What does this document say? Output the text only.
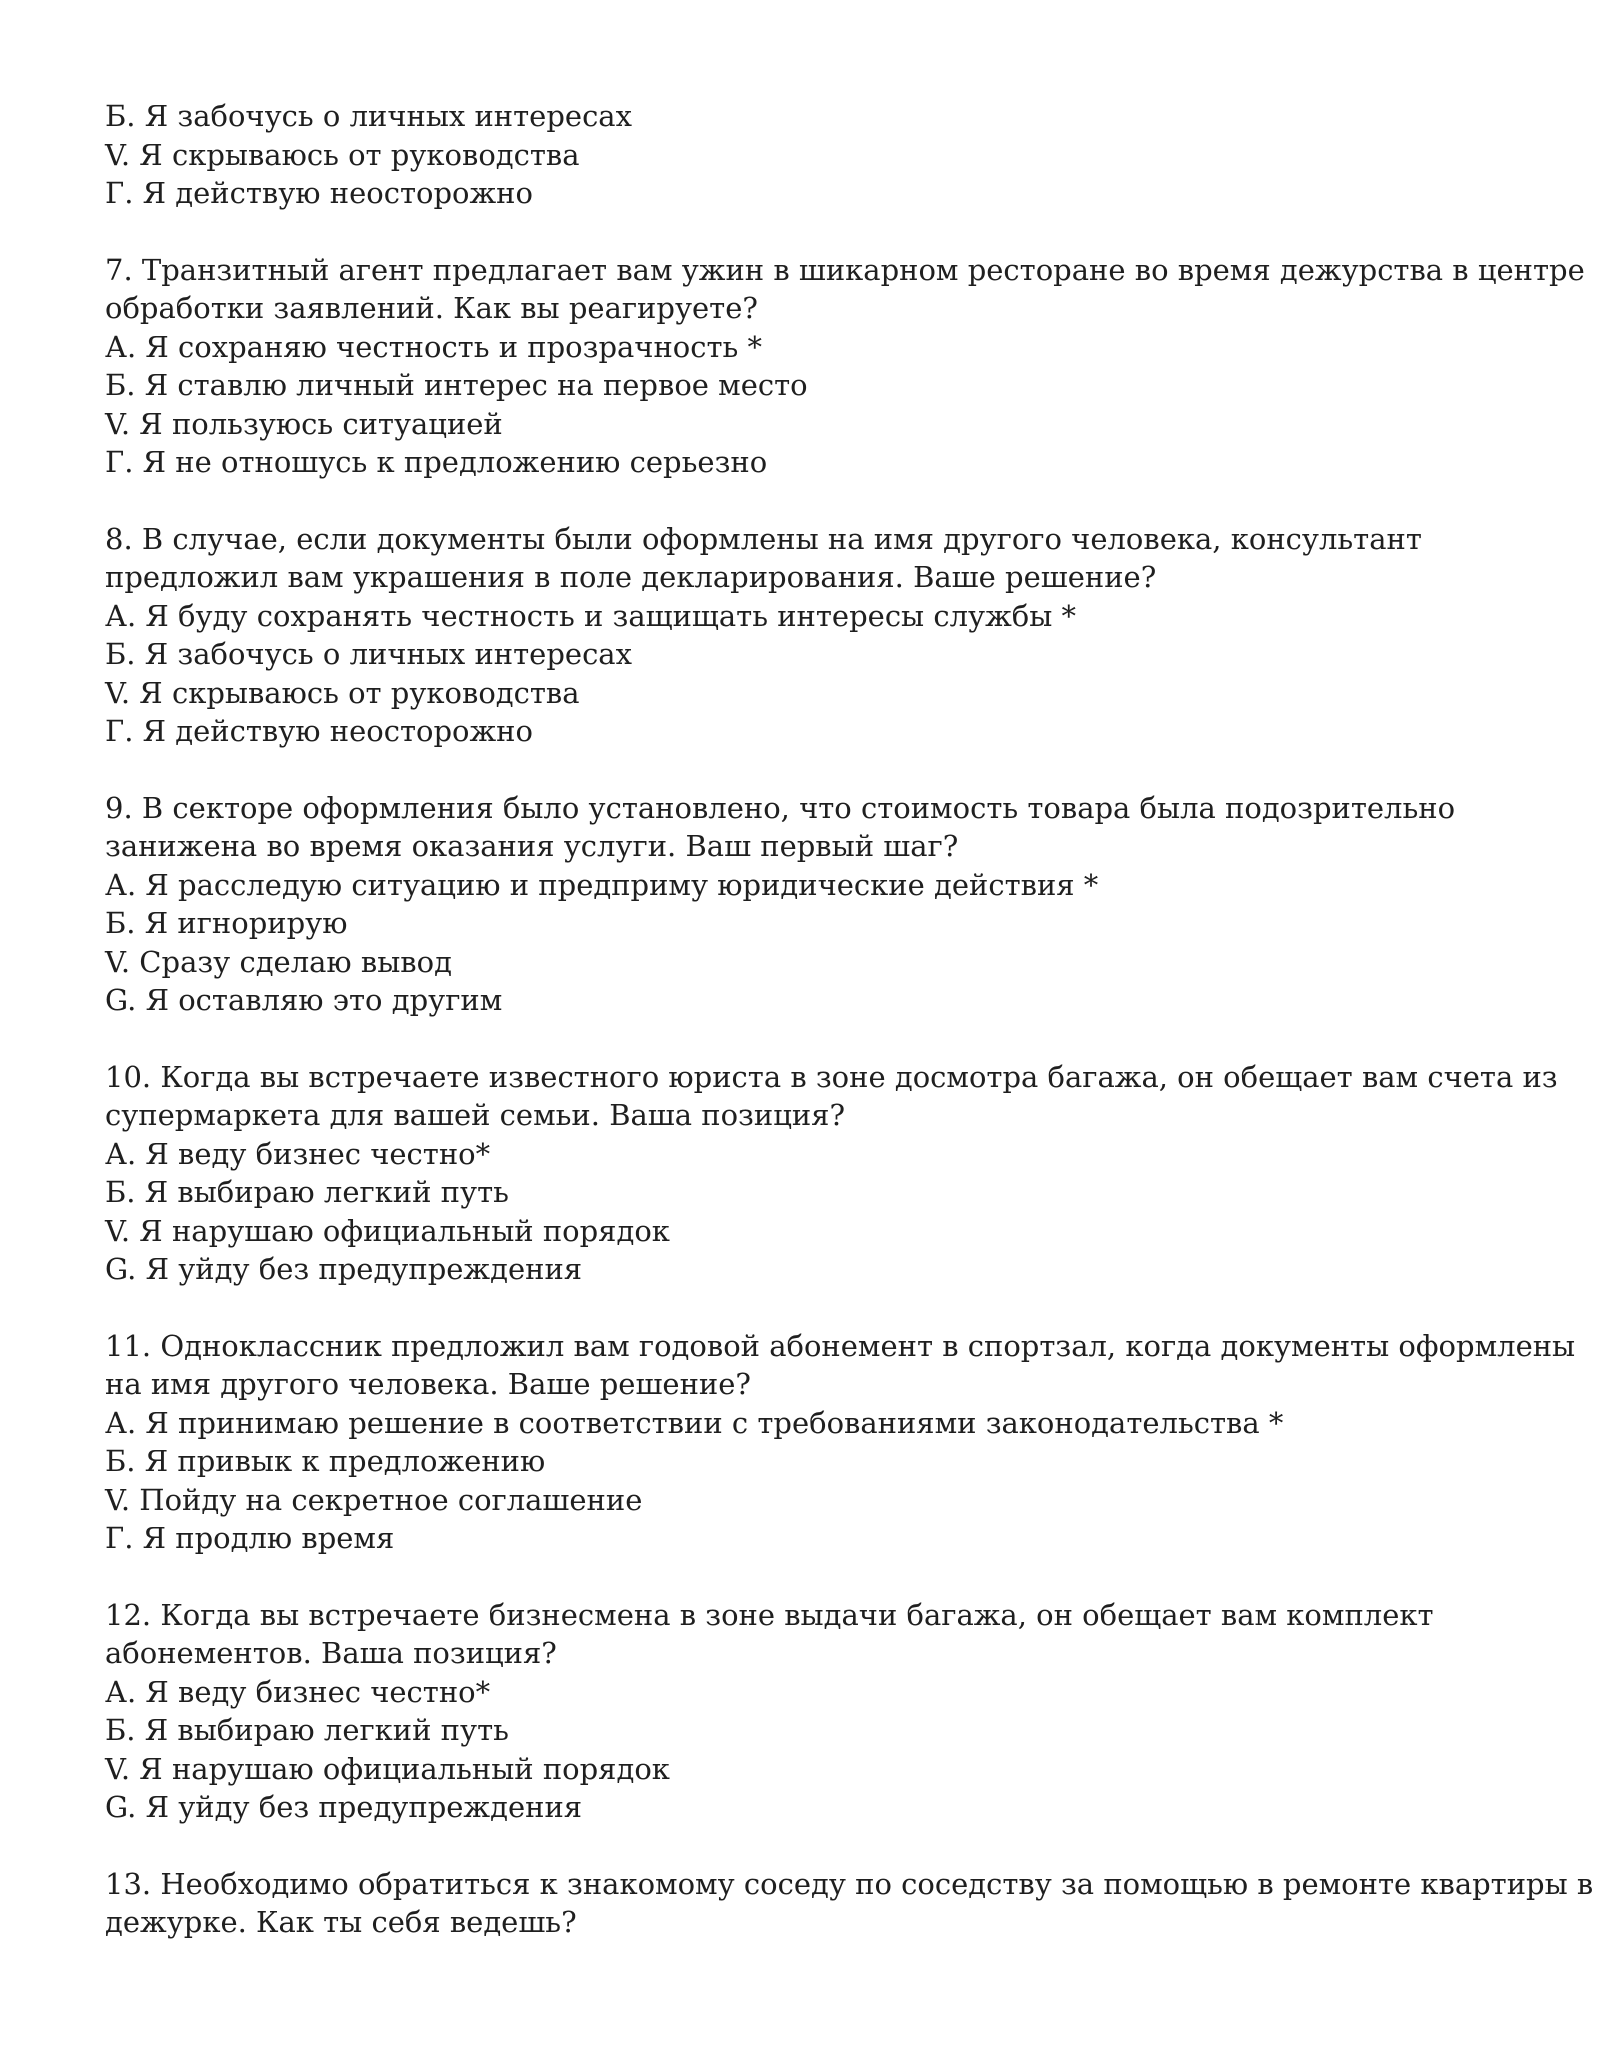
Б. Я забочусь о личных интересах

V. Я скрываюсь от руководства

Г. Я действую неосторожно

7. Транзитный агент предлагает вам ужин в шикарном ресторане во время дежурства в центре

обработки заявлений. Как вы реагируете?

А. Я сохраняю честность и прозрачность *

Б. Я ставлю личный интерес на первое место

V. Я пользуюсь ситуацией

Г. Я не отношусь к предложению серьезно

8. В случае, если документы были оформлены на имя другого человека, консультант

предложил вам украшения в поле декларирования. Ваше решение?

А. Я буду сохранять честность и защищать интересы службы *

Б. Я забочусь о личных интересах

V. Я скрываюсь от руководства

Г. Я действую неосторожно

9. В секторе оформления было установлено, что стоимость товара была подозрительно

занижена во время оказания услуги. Ваш первый шаг?

А. Я расследую ситуацию и предприму юридические действия *

Б. Я игнорирую

V. Сразу сделаю вывод

G. Я оставляю это другим

10. Когда вы встречаете известного юриста в зоне досмотра багажа, он обещает вам счета из

супермаркета для вашей семьи. Ваша позиция?

А. Я веду бизнес честно*

Б. Я выбираю легкий путь

V. Я нарушаю официальный порядок

G. Я уйду без предупреждения

11. Одноклассник предложил вам годовой абонемент в спортзал, когда документы оформлены

на имя другого человека. Ваше решение?

А. Я принимаю решение в соответствии с требованиями законодательства *

Б. Я привык к предложению

V. Пойду на секретное соглашение

Г. Я продлю время

12. Когда вы встречаете бизнесмена в зоне выдачи багажа, он обещает вам комплект

абонементов. Ваша позиция?

А. Я веду бизнес честно*

Б. Я выбираю легкий путь

V. Я нарушаю официальный порядок

G. Я уйду без предупреждения

13. Необходимо обратиться к знакомому соседу по соседству за помощью в ремонте квартиры в

дежурке. Как ты себя ведешь?
